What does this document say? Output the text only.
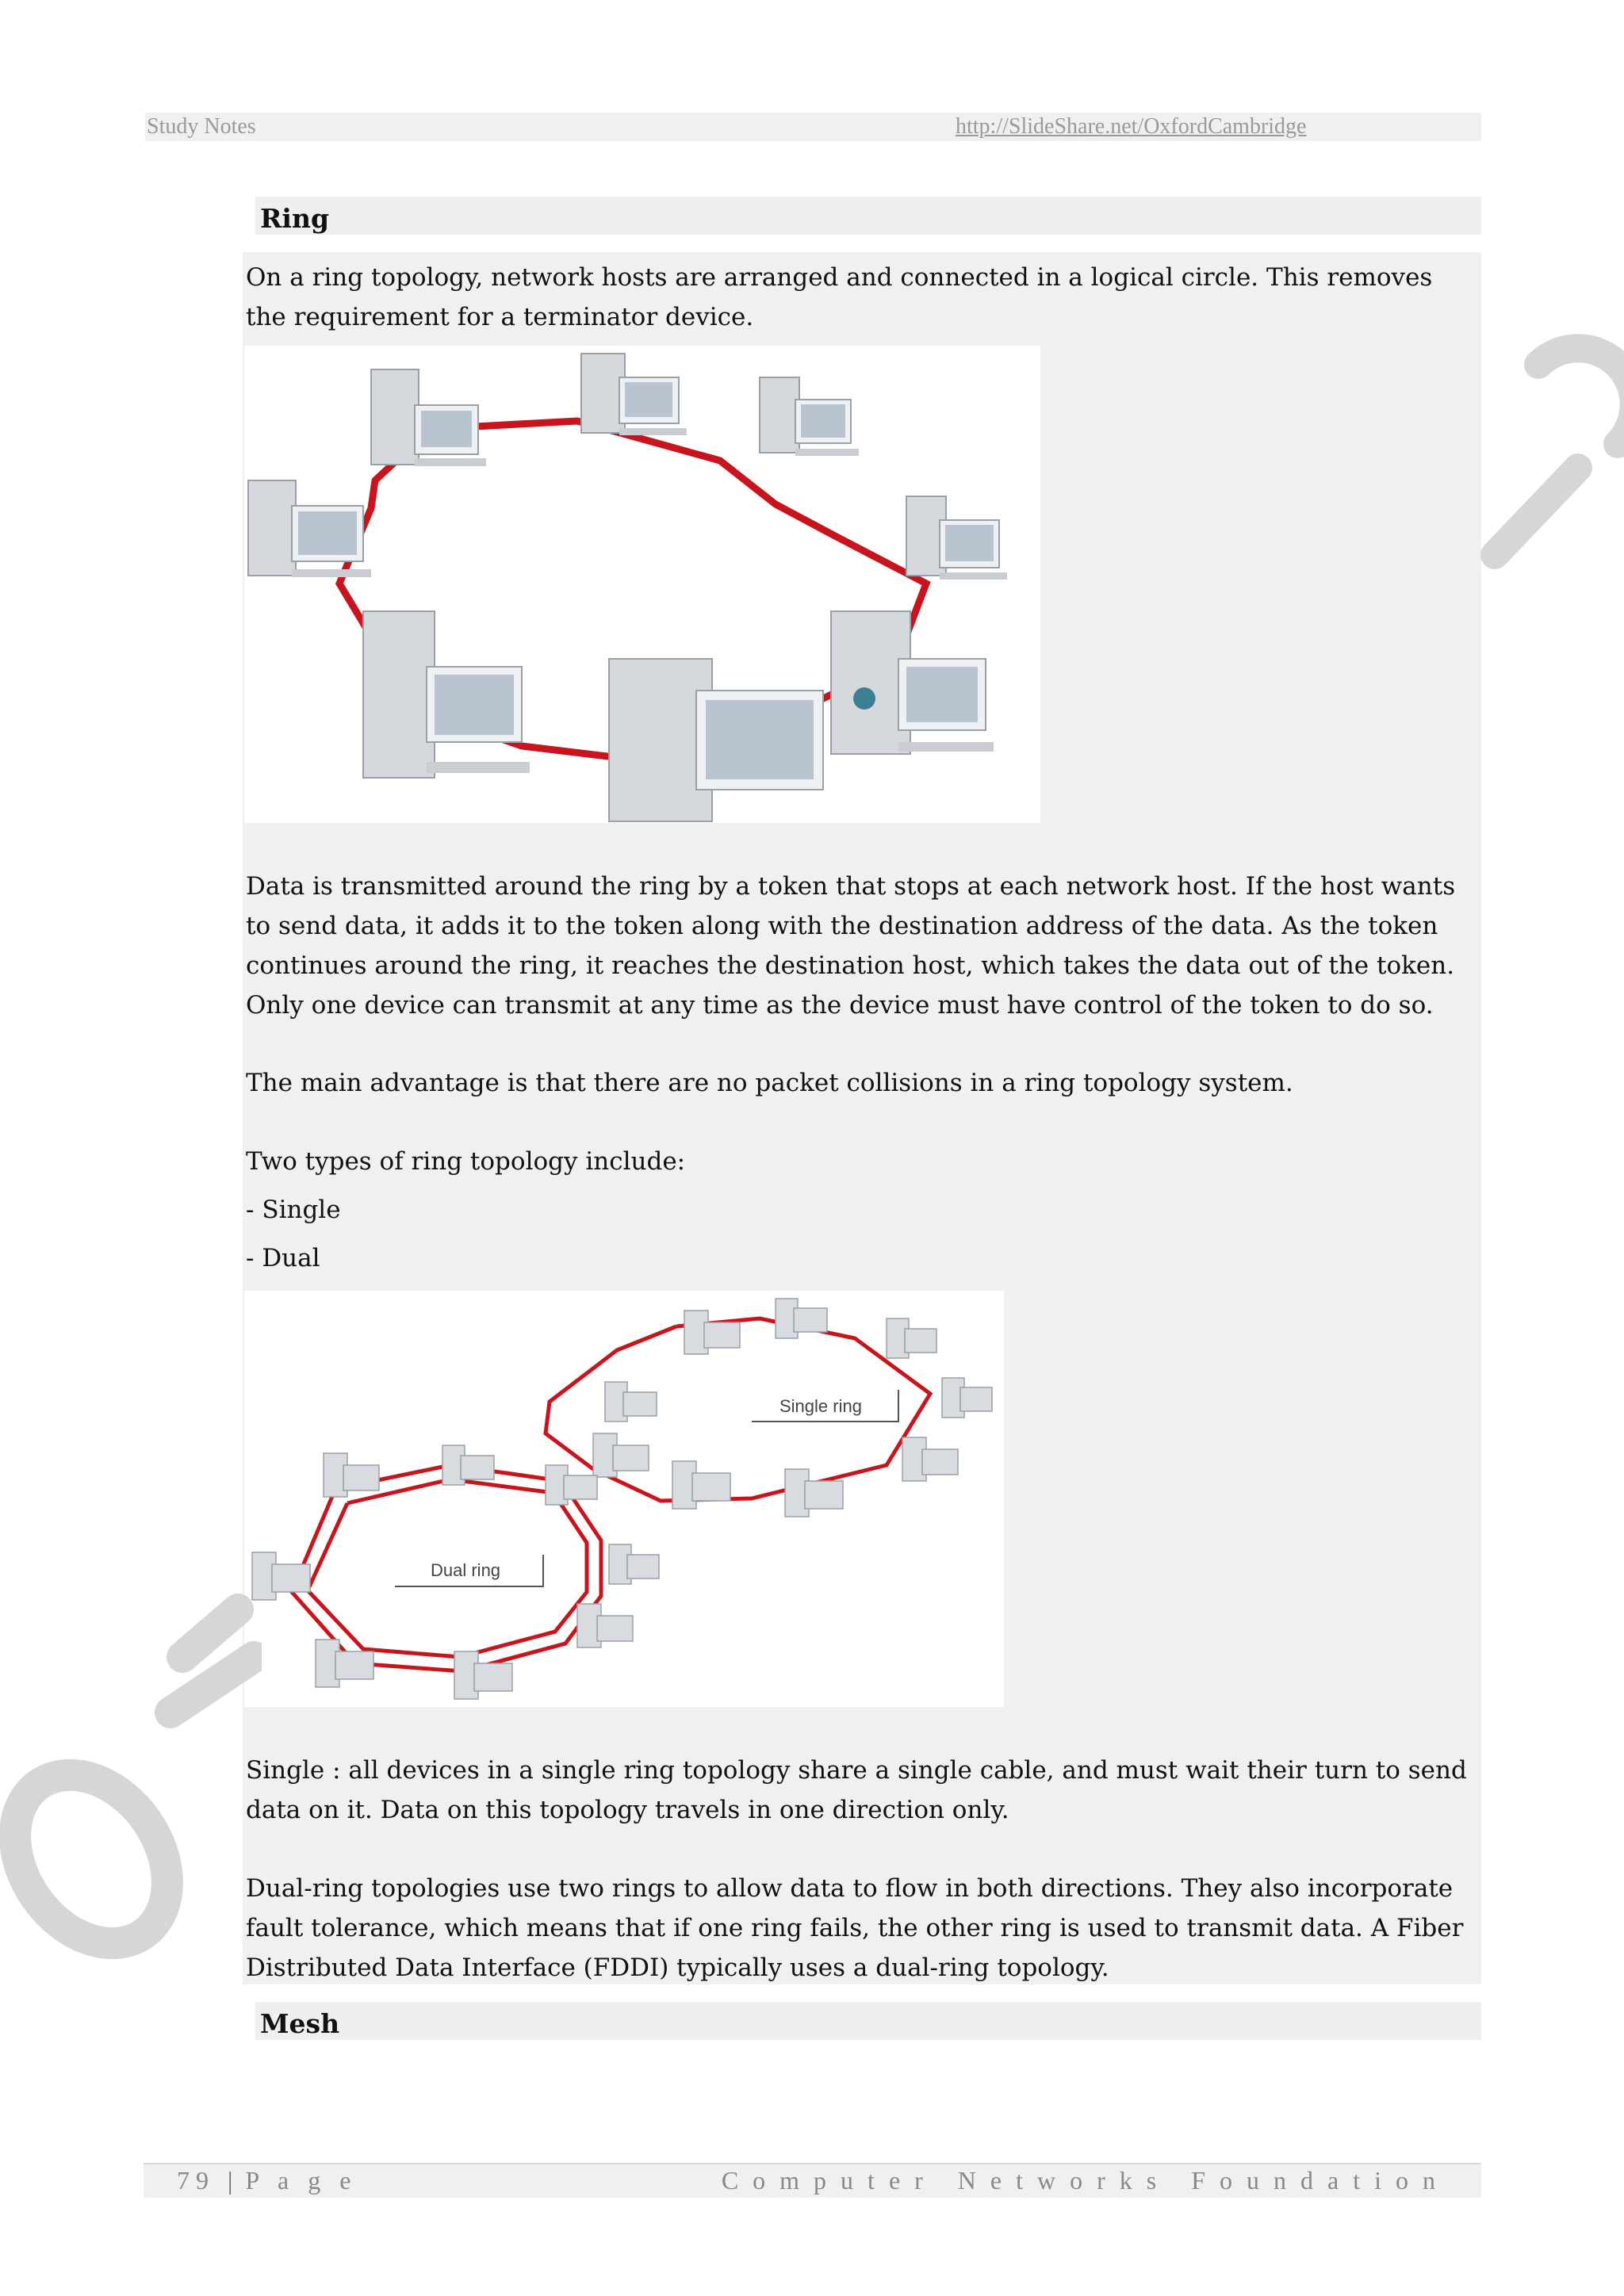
Study Notes	http://SlideShare.net/OxfordCambridge
Ring

On a ring topology, network hosts are arranged and connected in a logical circle. This removes the requirement for a terminator device.

Data is transmitted around the ring by a token that stops at each network host. If the host wants to send data, it adds it to the token along with the destination address of the data. As the token continues around the ring, it reaches the destination host, which takes the data out of the token. Only one device can transmit at any time as the device must have control of the token to do so.

The main advantage is that there are no packet collisions in a ring topology system.

Two types of ring topology include:

- Single

- Dual

Single ring
Dual ring

Single : all devices in a single ring topology share a single cable, and must wait their turn to send data on it. Data on this topology travels in one direction only.

Dual-ring topologies use two rings to allow data to flow in both directions. They also incorporate fault tolerance, which means that if one ring fails, the other ring is used to transmit data. A Fiber Distributed Data Interface (FDDI) typically uses a dual-ring topology.

Mesh
79 | P a g e	Computer Networks Foundation
